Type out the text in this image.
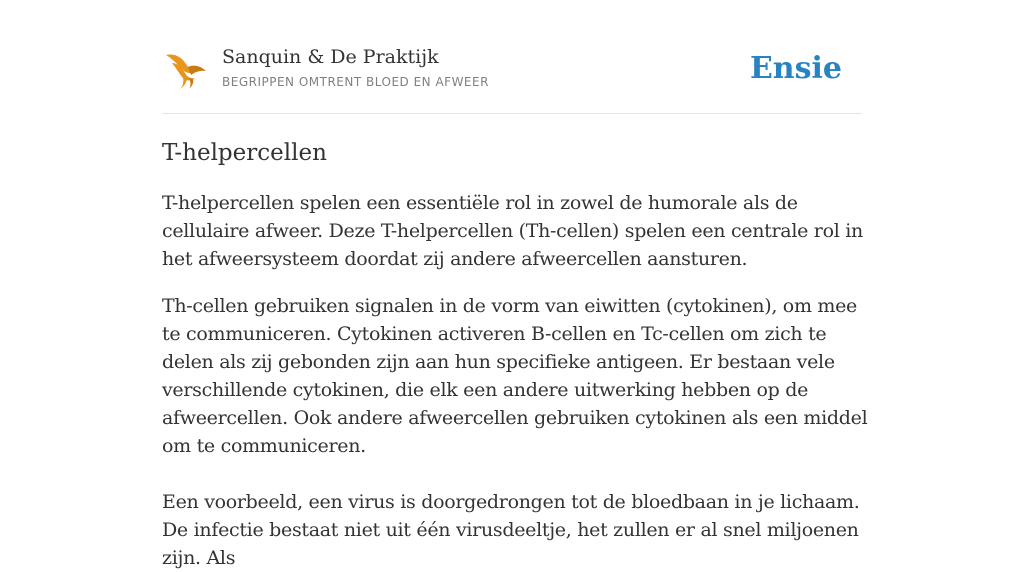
Sanquin & De Praktijk
BEGRIPPEN OMTRENT BLOED EN AFWEER	Ensie
T-helpercellen

T-helpercellen spelen een essentiële rol in zowel de humorale als de cellulaire afweer. Deze T-helpercellen (Th-cellen) spelen een centrale rol in het afweersysteem doordat zij andere afweercellen aansturen.

Th-cellen gebruiken signalen in de vorm van eiwitten (cytokinen), om mee te communiceren. Cytokinen activeren B-cellen en Tc-cellen om zich te delen als zij gebonden zijn aan hun specifieke antigeen. Er bestaan vele verschillende cytokinen, die elk een andere uitwerking hebben op de afweercellen. Ook andere afweercellen gebruiken cytokinen als een middel om te communiceren.

Een voorbeeld, een virus is doorgedrongen tot de bloedbaan in je lichaam. De infectie bestaat niet uit één virusdeeltje, het zullen er al snel miljoenen zijn. Als
